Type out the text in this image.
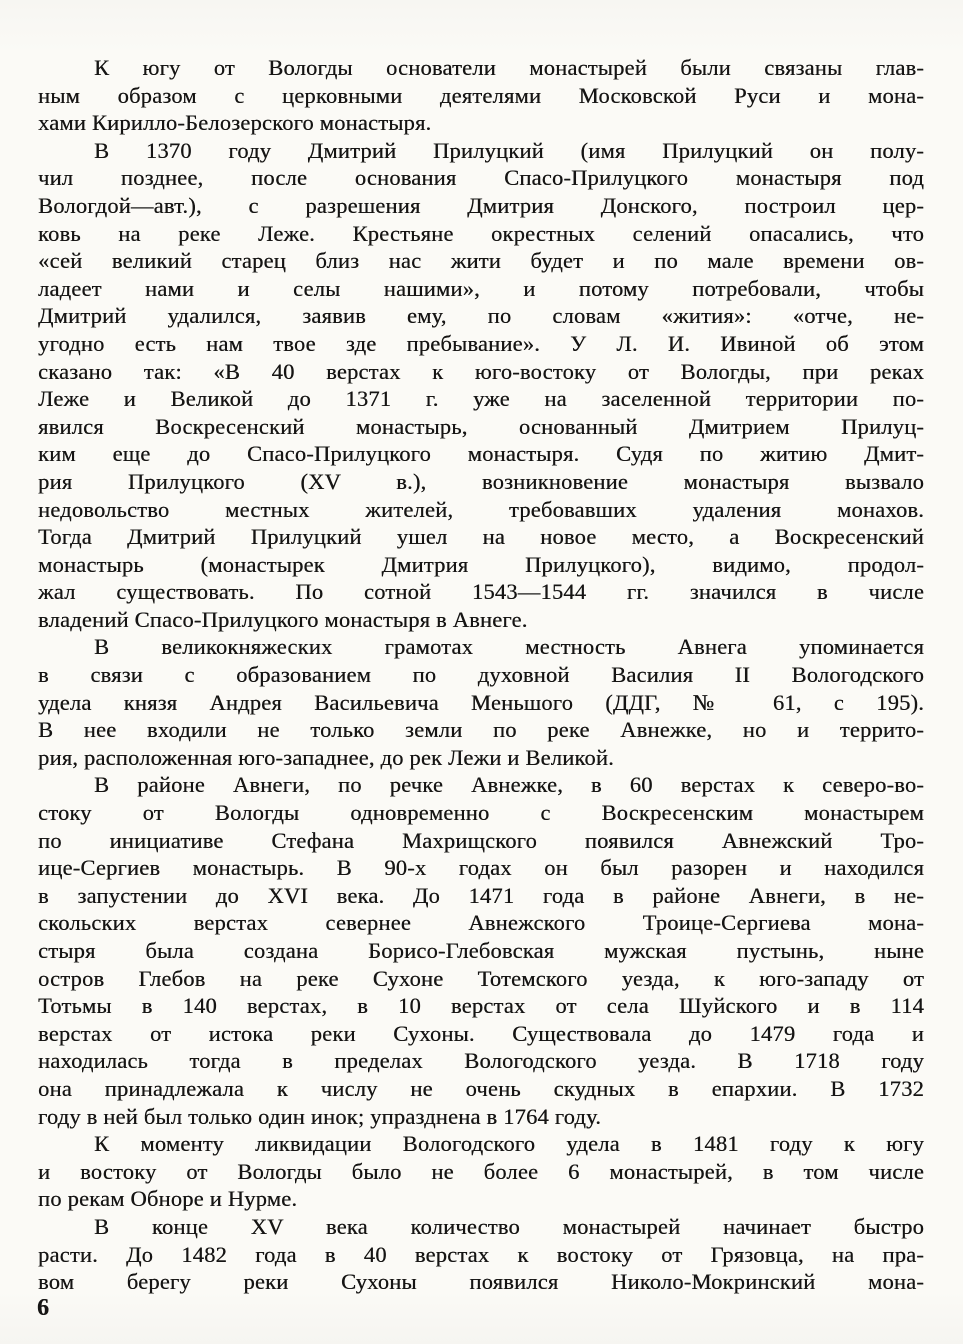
К югу от Вологды основатели монастырей были связаны глав-
ным образом с церковными деятелями Московской Руси и мона-
хами Кирилло-Белозерского монастыря.
В 1370 году Дмитрий Прилуцкий (имя Прилуцкий он полу-
чил позднее, после основания Спасо-Прилуцкого монастыря под
Вологдой—авт.), с разрешения Дмитрия Донского, построил цер-
ковь на реке Леже. Крестьяне окрестных селений опасались, что
«сей великий старец близ нас жити будет и по мале времени ов-
ладеет нами и селы нашими», и потому потребовали, чтобы
Дмитрий удалился, заявив ему, по словам «жития»: «отче, не-
угодно есть нам твое зде пребывание». У Л. И. Ивиной об этом
сказано так: «В 40 верстах к юго-востоку от Вологды, при реках
Леже и Великой до 1371 г. уже на заселенной территории по-
явился Воскресенский монастырь, основанный Дмитрием Прилуц-
ким еще до Спасо-Прилуцкого монастыря. Судя по житию Дмит-
рия Прилуцкого (XV в.), возникновение монастыря вызвало
недовольство местных жителей, требовавших удаления монахов.
Тогда Дмитрий Прилуцкий ушел на новое место, а Воскресенский
монастырь (монастырек Дмитрия Прилуцкого), видимо, продол-
жал существовать. По сотной 1543—1544 гг. значился в числе
владений Спасо-Прилуцкого монастыря в Авнеге.
В великокняжеских грамотах местность Авнега упоминается
в связи с образованием по духовной Василия II Вологодского
удела князя Андрея Васильевича Меньшого (ДДГ, № 61, с 195).
В нее входили не только земли по реке Авнежке, но и террито-
рия, расположенная юго-западнее, до рек Лежи и Великой.
В районе Авнеги, по речке Авнежке, в 60 верстах к северо-во-
стоку от Вологды одновременно с Воскресенским монастырем
по инициативе Стефана Махрищского появился Авнежский Тро-
ице-Сергиев монастырь. В 90-х годах он был разорен и находился
в запустении до XVI века. До 1471 года в районе Авнеги, в не-
скольских верстах севернее Авнежского Троице-Сергиева мона-
стыря была создана Борисо-Глебовская мужская пустынь, ныне
остров Глебов на реке Сухоне Тотемского уезда, к юго-западу от
Тотьмы в 140 верстах, в 10 верстах от села Шуйского и в 114
верстах от истока реки Сухоны. Существовала до 1479 года и
находилась тогда в пределах Вологодского уезда. В 1718 году
она принадлежала к числу не очень скудных в епархии. В 1732
году в ней был только один инок; упразднена в 1764 году.
К моменту ликвидации Вологодского удела в 1481 году к югу
и востоку от Вологды было не более 6 монастырей, в том числе
по рекам Обноре и Нурме.
В конце XV века количество монастырей начинает быстро
расти. До 1482 года в 40 верстах к востоку от Грязовца, на пра-
вом берегу реки Сухоны появился Николо-Мокринский мона-
6
